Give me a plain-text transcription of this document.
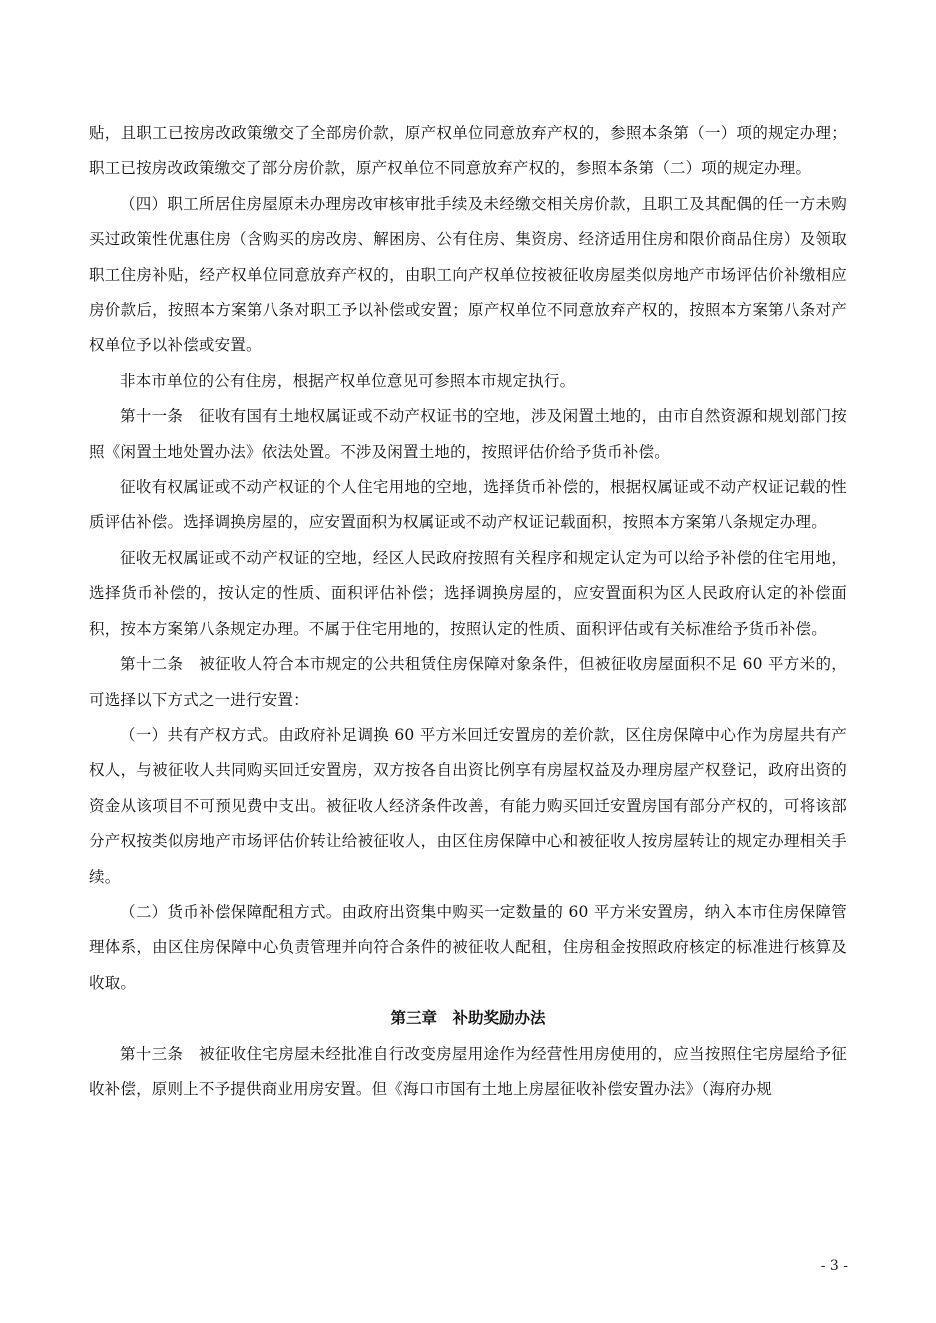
贴，且职工已按房改政策缴交了全部房价款，原产权单位同意放弃产权的，参照本条第（一）项的规定办理；职工已按房改政策缴交了部分房价款，原产权单位不同意放弃产权的，参照本条第（二）项的规定办理。

（四）职工所居住房屋原未办理房改审核审批手续及未经缴交相关房价款，且职工及其配偶的任一方未购买过政策性优惠住房（含购买的房改房、解困房、公有住房、集资房、经济适用住房和限价商品住房）及领取职工住房补贴，经产权单位同意放弃产权的，由职工向产权单位按被征收房屋类似房地产市场评估价补缴相应房价款后，按照本方案第八条对职工予以补偿或安置；原产权单位不同意放弃产权的，按照本方案第八条对产权单位予以补偿或安置。

非本市单位的公有住房，根据产权单位意见可参照本市规定执行。

第十一条　征收有国有土地权属证或不动产权证书的空地，涉及闲置土地的，由市自然资源和规划部门按照《闲置土地处置办法》依法处置。不涉及闲置土地的，按照评估价给予货币补偿。

征收有权属证或不动产权证的个人住宅用地的空地，选择货币补偿的，根据权属证或不动产权证记载的性质评估补偿。选择调换房屋的，应安置面积为权属证或不动产权证记载面积，按照本方案第八条规定办理。

征收无权属证或不动产权证的空地，经区人民政府按照有关程序和规定认定为可以给予补偿的住宅用地，选择货币补偿的，按认定的性质、面积评估补偿；选择调换房屋的，应安置面积为区人民政府认定的补偿面积，按本方案第八条规定办理。不属于住宅用地的，按照认定的性质、面积评估或有关标准给予货币补偿。

第十二条　被征收人符合本市规定的公共租赁住房保障对象条件，但被征收房屋面积不足 60 平方米的，可选择以下方式之一进行安置：

（一）共有产权方式。由政府补足调换 60 平方米回迁安置房的差价款，区住房保障中心作为房屋共有产权人，与被征收人共同购买回迁安置房，双方按各自出资比例享有房屋权益及办理房屋产权登记，政府出资的资金从该项目不可预见费中支出。被征收人经济条件改善，有能力购买回迁安置房国有部分产权的，可将该部分产权按类似房地产市场评估价转让给被征收人，由区住房保障中心和被征收人按房屋转让的规定办理相关手续。

（二）货币补偿保障配租方式。由政府出资集中购买一定数量的 60 平方米安置房，纳入本市住房保障管理体系，由区住房保障中心负责管理并向符合条件的被征收人配租，住房租金按照政府核定的标准进行核算及收取。

第三章　补助奖励办法

第十三条　被征收住宅房屋未经批准自行改变房屋用途作为经营性用房使用的，应当按照住宅房屋给予征收补偿，原则上不予提供商业用房安置。但《海口市国有土地上房屋征收补偿安置办法》（海府办规

- 3 -
